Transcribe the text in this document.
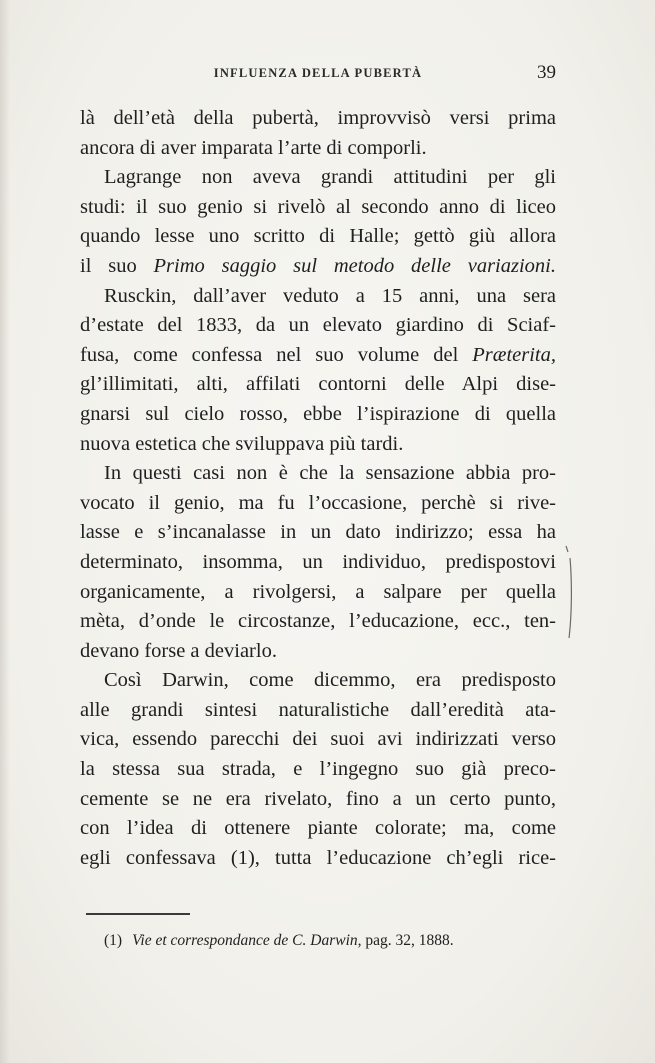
INFLUENZA DELLA PUBERTÀ	39

là dell’età della pubertà, improvvisò versi prima
ancora di aver imparata l’arte di comporli.

Lagrange non aveva grandi attitudini per gli
studi: il suo genio si rivelò al secondo anno di liceo
quando lesse uno scritto di Halle; gettò giù allora
il suo Primo saggio sul metodo delle variazioni.

Rusckin, dall’aver veduto a 15 anni, una sera
d’estate del 1833, da un elevato giardino di Sciaf-
fusa, come confessa nel suo volume del Præterita,
gl’illimitati, alti, affilati contorni delle Alpi dise-
gnarsi sul cielo rosso, ebbe l’ispirazione di quella
nuova estetica che sviluppava più tardi.

In questi casi non è che la sensazione abbia pro-
vocato il genio, ma fu l’occasione, perchè si rive-
lasse e s’incanalasse in un dato indirizzo; essa ha
determinato, insomma, un individuo, predispostovi
organicamente, a rivolgersi, a salpare per quella
mèta, d’onde le circostanze, l’educazione, ecc., ten-
devano forse a deviarlo.

Così Darwin, come dicemmo, era predisposto
alle grandi sintesi naturalistiche dall’eredità ata-
vica, essendo parecchi dei suoi avi indirizzati verso
la stessa sua strada, e l’ingegno suo già preco-
cemente se ne era rivelato, fino a un certo punto,
con l’idea di ottenere piante colorate; ma, come
egli confessava (1), tutta l’educazione ch’egli rice-

(1) Vie et correspondance de C. Darwin, pag. 32, 1888.
